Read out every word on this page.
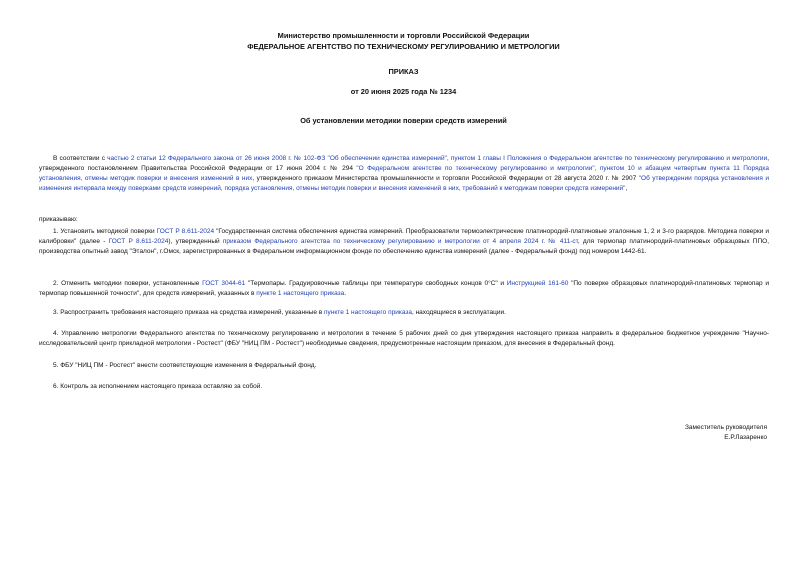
Министерство промышленности и торговли Российской Федерации
ФЕДЕРАЛЬНОЕ АГЕНТСТВО ПО ТЕХНИЧЕСКОМУ РЕГУЛИРОВАНИЮ И МЕТРОЛОГИИ
ПРИКАЗ
от 20 июня 2025 года № 1234
Об установлении методики поверки средств измерений
В соответствии с частью 2 статьи 12 Федерального закона от 26 июня 2008 г. № 102-ФЗ "Об обеспечении единства измерений", пунктом 1 главы I Положения о Федеральном агентстве по техническому регулированию и метрологии, утвержденного постановлением Правительства Российской Федерации от 17 июня 2004 г. № 294 "О Федеральном агентстве по техническому регулированию и метрологии", пунктом 10 и абзацем четвертым пункта 11 Порядка установления, отмены методик поверки и внесения изменений в них, утвержденного приказом Министерства промышленности и торговли Российской Федерации от 28 августа 2020 г. № 2907 "Об утверждении порядка установления и изменения интервала между поверками средств измерений, порядка установления, отмены методик поверки и внесения изменений в них, требований к методикам поверки средств измерений",
приказываю:
1. Установить методикой поверки ГОСТ Р 8.611-2024 "Государственная система обеспечения единства измерений. Преобразователи термоэлектрические платинородий-платиновые эталонные 1, 2 и 3-го разрядов. Методика поверки и калибровки" (далее - ГОСТ Р 8.611-2024), утвержденный приказом Федерального агентства по техническому регулированию и метрологии от 4 апреля 2024 г. № 411-ст, для термопар платинородий-платиновых образцовых ППО, производства опытный завод "Эталон", г.Омск, зарегистрированных в Федеральном информационном фонде по обеспечению единства измерений (далее - Федеральный фонд) под номером 1442-61.
2. Отменить методики поверки, установленные ГОСТ 3044-61 "Термопары. Градуировочные таблицы при температуре свободных концов 0°С" и Инструкцией 161-60 "По поверке образцовых платинородий-платиновых термопар и термопар повышенной точности", для средств измерений, указанных в пункте 1 настоящего приказа.
3. Распространить требования настоящего приказа на средства измерений, указанные в пункте 1 настоящего приказа, находящиеся в эксплуатации.
4. Управлению метрологии Федерального агентства по техническому регулированию и метрологии в течение 5 рабочих дней со дня утверждения настоящего приказа направить в федеральное бюджетное учреждение "Научно-исследовательский центр прикладной метрологии - Ростест" (ФБУ "НИЦ ПМ - Ростест") необходимые сведения, предусмотренные настоящим приказом, для внесения в Федеральный фонд.
5. ФБУ "НИЦ ПМ - Ростест" внести соответствующие изменения в Федеральный фонд.
6. Контроль за исполнением настоящего приказа оставляю за собой.
Заместитель руководителя
Е.Р.Лазаренко
